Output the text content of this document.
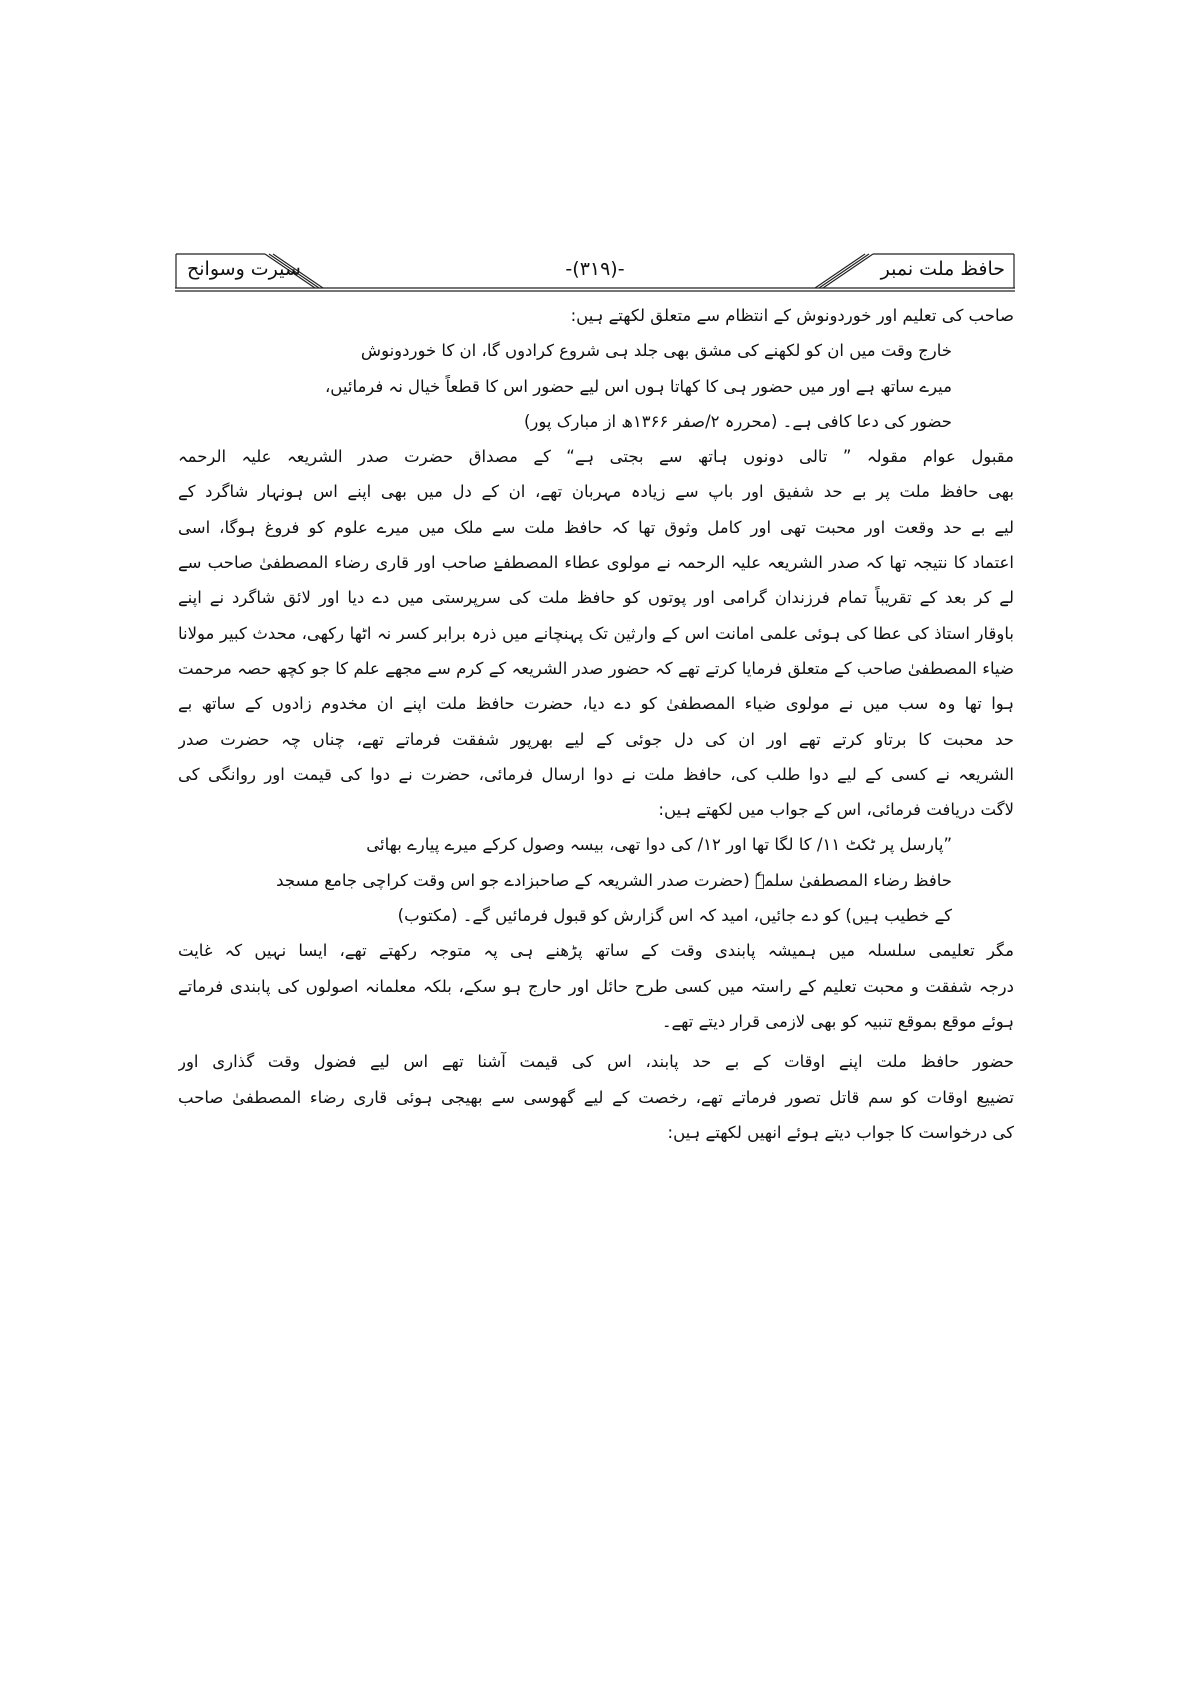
حافظ ملت نمبر
-(۳۱۹)-
سیرت وسوانح
صاحب کی تعلیم اور خوردونوش کے انتظام سے متعلق لکھتے ہیں:
خارج وقت میں ان کو لکھنے کی مشق بھی جلد ہی شروع کرادوں گا، ان کا خوردونوش
میرے ساتھ ہے اور میں حضور ہی کا کھاتا ہوں اس لیے حضور اس کا قطعاً خیال نہ فرمائیں،
حضور کی دعا کافی ہے۔ (محررہ ۲/صفر ۱۳۶۶ھ از مبارک پور)
مقبول عوام مقولہ ” تالی دونوں ہاتھ سے بجتی ہے“ کے مصداق حضرت صدر الشریعہ علیہ الرحمہ
بھی حافظ ملت پر بے حد شفیق اور باپ سے زیادہ مہربان تھے، ان کے دل میں بھی اپنے اس ہونہار شاگرد کے
لیے بے حد وقعت اور محبت تھی اور کامل وثوق تھا کہ حافظ ملت سے ملک میں میرے علوم کو فروغ ہوگا، اسی
اعتماد کا نتیجہ تھا کہ صدر الشریعہ علیہ الرحمہ نے مولوی عطاء المصطفےٰ صاحب اور قاری رضاء المصطفیٰ صاحب سے
لے کر بعد کے تقریباً تمام فرزندان گرامی اور پوتوں کو حافظ ملت کی سرپرستی میں دے دیا اور لائق شاگرد نے اپنے
باوقار استاذ کی عطا کی ہوئی علمی امانت اس کے وارثین تک پہنچانے میں ذرہ برابر کسر نہ اٹھا رکھی، محدث کبیر مولانا
ضیاء المصطفیٰ صاحب کے متعلق فرمایا کرتے تھے کہ حضور صدر الشریعہ کے کرم سے مجھے علم کا جو کچھ حصہ مرحمت
ہوا تھا وہ سب میں نے مولوی ضیاء المصطفیٰ کو دے دیا، حضرت حافظ ملت اپنے ان مخدوم زادوں کے ساتھ بے
حد محبت کا برتاو کرتے تھے اور ان کی دل جوئی کے لیے بھرپور شفقت فرماتے تھے، چناں چہ حضرت صدر
الشریعہ نے کسی کے لیے دوا طلب کی، حافظ ملت نے دوا ارسال فرمائی، حضرت نے دوا کی قیمت اور روانگی کی
لاگت دریافت فرمائی، اس کے جواب میں لکھتے ہیں:
”پارسل پر ٹکٹ ۱۱/ کا لگا تھا اور ۱۲/ کی دوا تھی، بیسہ وصول کرکے میرے پیارے بھائی
حافظ رضاء المصطفیٰ سلمہٗ (حضرت صدر الشریعہ کے صاحبزادے جو اس وقت کراچی جامع مسجد
کے خطیب ہیں) کو دے جائیں، امید کہ اس گزارش کو قبول فرمائیں گے۔ (مکتوب)
مگر تعلیمی سلسلہ میں ہمیشہ پابندی وقت کے ساتھ پڑھنے ہی پہ متوجہ رکھتے تھے، ایسا نہیں کہ غایت
درجہ شفقت و محبت تعلیم کے راستہ میں کسی طرح حائل اور حارج ہو سکے، بلکہ معلمانہ اصولوں کی پابندی فرماتے
ہوئے موقع بموقع تنبیہ کو بھی لازمی قرار دیتے تھے۔
حضور حافظ ملت اپنے اوقات کے بے حد پابند، اس کی قیمت آشنا تھے اس لیے فضول وقت گذاری اور
تضییع اوقات کو سم قاتل تصور فرماتے تھے، رخصت کے لیے گھوسی سے بھیجی ہوئی قاری رضاء المصطفیٰ صاحب
کی درخواست کا جواب دیتے ہوئے انھیں لکھتے ہیں:
